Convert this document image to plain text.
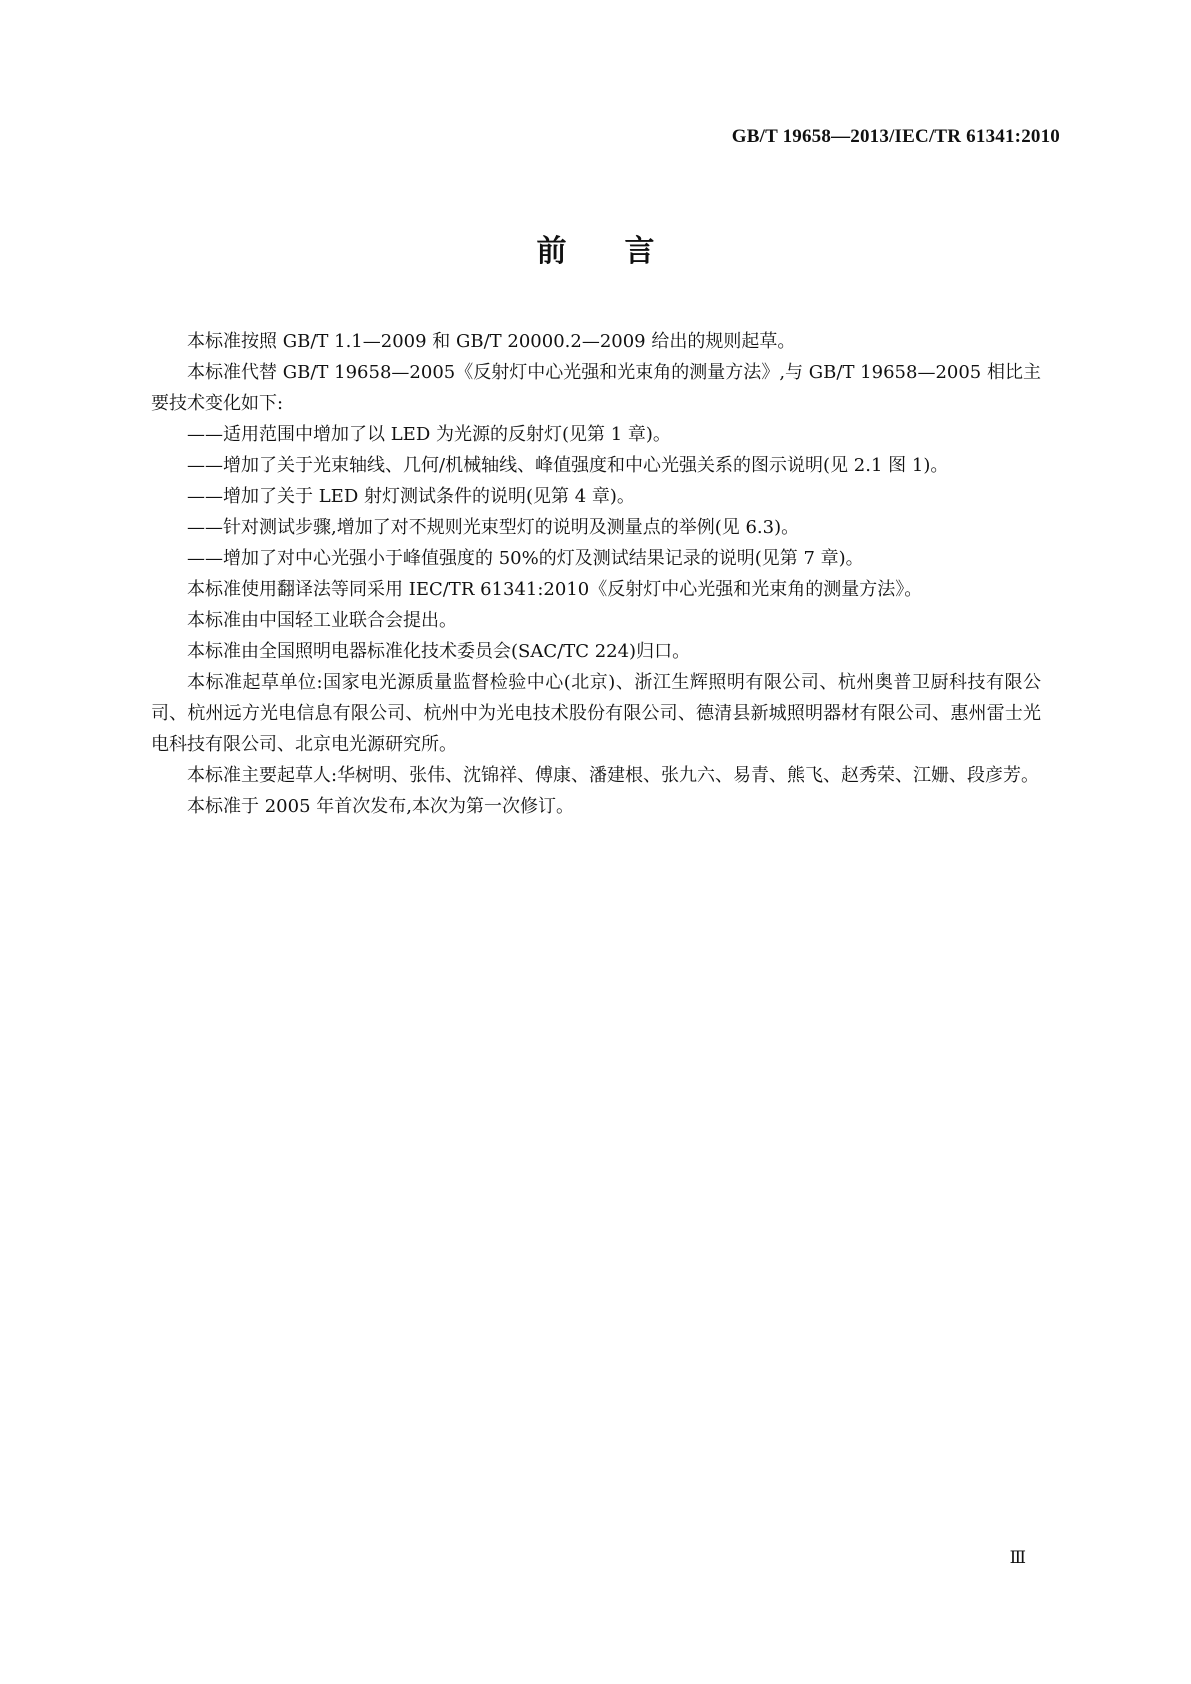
GB/T 19658—2013/IEC/TR 61341:2010
前言

本标准按照 GB/T 1.1—2009 和 GB/T 20000.2—2009 给出的规则起草。

本标准代替 GB/T 19658—2005《反射灯中心光强和光束角的测量方法》,与 GB/T 19658—2005 相比主要技术变化如下:

——适用范围中增加了以 LED 为光源的反射灯(见第 1 章)。

——增加了关于光束轴线、几何/机械轴线、峰值强度和中心光强关系的图示说明(见 2.1 图 1)。

——增加了关于 LED 射灯测试条件的说明(见第 4 章)。

——针对测试步骤,增加了对不规则光束型灯的说明及测量点的举例(见 6.3)。

——增加了对中心光强小于峰值强度的 50%的灯及测试结果记录的说明(见第 7 章)。

本标准使用翻译法等同采用 IEC/TR 61341:2010《反射灯中心光强和光束角的测量方法》。

本标准由中国轻工业联合会提出。

本标准由全国照明电器标准化技术委员会(SAC/TC 224)归口。

本标准起草单位:国家电光源质量监督检验中心(北京)、浙江生辉照明有限公司、杭州奥普卫厨科技有限公司、杭州远方光电信息有限公司、杭州中为光电技术股份有限公司、德清县新城照明器材有限公司、惠州雷士光电科技有限公司、北京电光源研究所。

本标准主要起草人:华树明、张伟、沈锦祥、傅康、潘建根、张九六、易青、熊飞、赵秀荣、江姗、段彦芳。

本标准于 2005 年首次发布,本次为第一次修订。

Ⅲ
